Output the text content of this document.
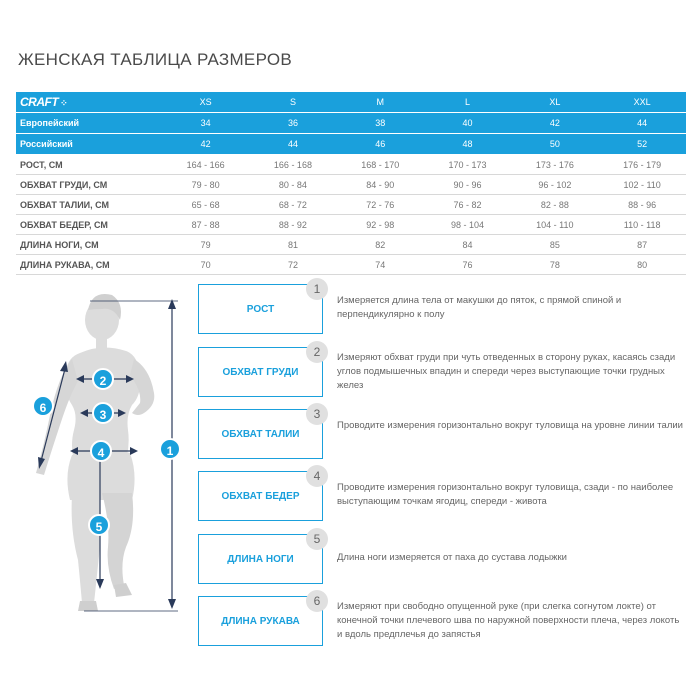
ЖЕНСКАЯ ТАБЛИЦА РАЗМЕРОВ
CRAFT ⁘	XS	S	M	L	XL	XXL
Европейский	34	36	38	40	42	44
Российский	42	44	46	48	50	52
РОСТ, СМ	164 - 166	166 - 168	168 - 170	170 - 173	173 - 176	176 - 179
ОБХВАТ ГРУДИ, СМ	79 - 80	80 - 84	84 - 90	90 - 96	96 - 102	102 - 110
ОБХВАТ ТАЛИИ, СМ	65 - 68	68 - 72	72 - 76	76 - 82	82 - 88	88 - 96
ОБХВАТ БЕДЕР, СМ	87 - 88	88 - 92	92 - 98	98 - 104	104 - 110	110 - 118
ДЛИНА НОГИ, СМ	79	81	82	84	85	87
ДЛИНА РУКАВА, СМ	70	72	74	76	78	80
2
3
4
5
6
1
РОСТ
1
Измеряется длина тела от макушки до пяток, с прямой спиной и перпендикулярно к полу
ОБХВАТ ГРУДИ
2	Измеряют обхват груди при чуть отведенных в сторону руках, касаясь сзади углов подмышечных впадин и спереди через выступающие точки грудных желез
ОБХВАТ ТАЛИИ
3
Проводите измерения горизонтально вокруг туловища на уровне линии талии
ОБХВАТ БЕДЕР
4
Проводите измерения горизонтально вокруг туловища, сзади - по наиболее выступающим точкам ягодиц, спереди - живота
ДЛИНА НОГИ
5
Длина ноги измеряется от паха до сустава лодыжки
ДЛИНА РУКАВА
6	Измеряют при свободно опущенной руке (при слегка согнутом локте) от конечной точки плечевого шва по наружной поверхности плеча, через локоть и вдоль предплечья до запястья
